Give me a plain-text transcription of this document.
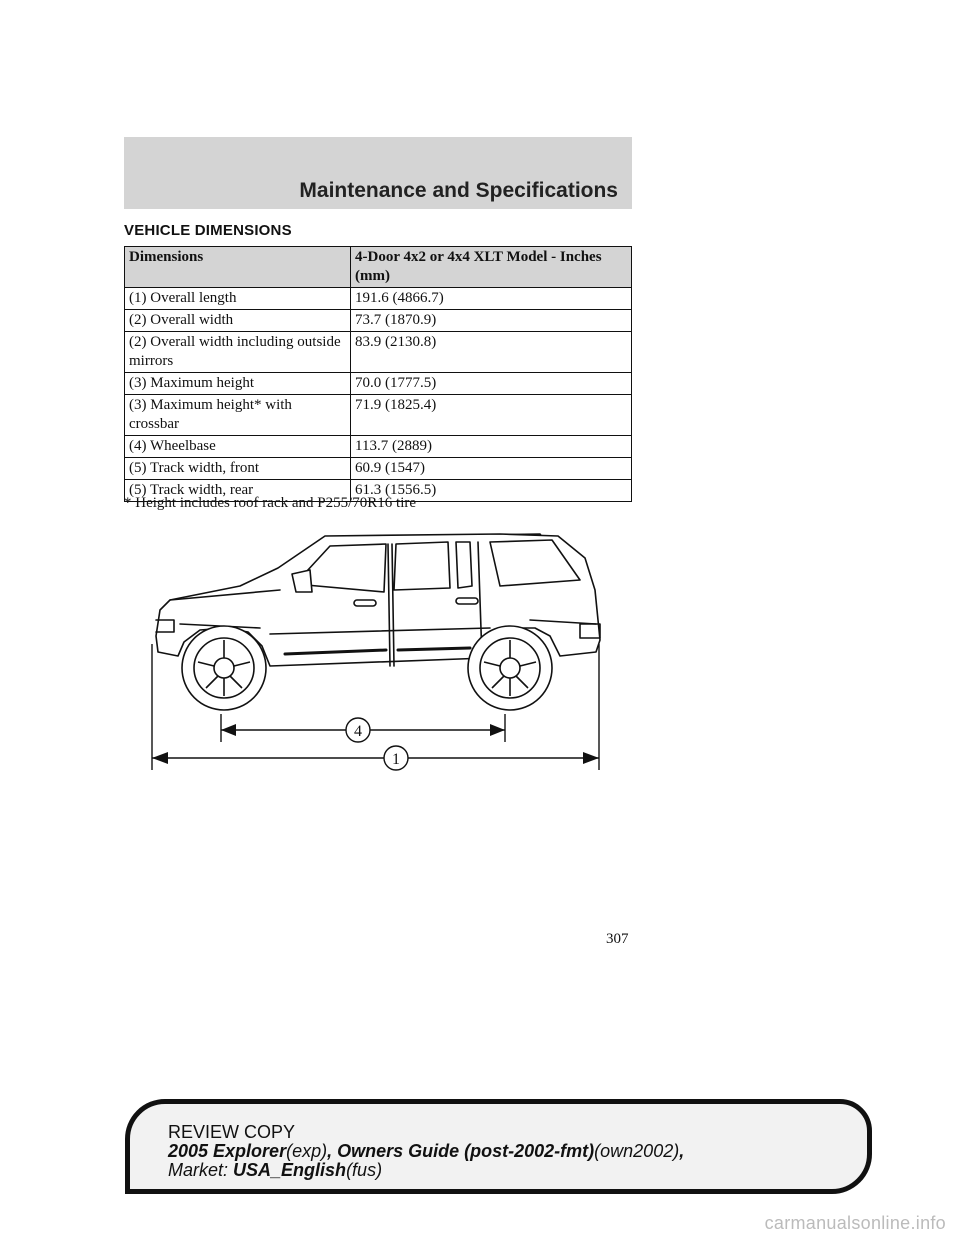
Maintenance and Specifications
VEHICLE DIMENSIONS
Dimensions	4-Door 4x2 or 4x4 XLT Model - Inches (mm)
(1) Overall length	191.6 (4866.7)
(2) Overall width	73.7 (1870.9)
(2) Overall width including outside mirrors	83.9 (2130.8)
(3) Maximum height	70.0 (1777.5)
(3) Maximum height* with crossbar	71.9 (1825.4)
(4) Wheelbase	113.7 (2889)
(5) Track width, front	60.9 (1547)
(5) Track width, rear	61.3 (1556.5)
* Height includes roof rack and P255/70R16 tire
4
1
307
REVIEW COPY
2005 Explorer(exp), Owners Guide (post-2002-fmt)(own2002),
Market: USA_English(fus)
carmanualsonline.info
